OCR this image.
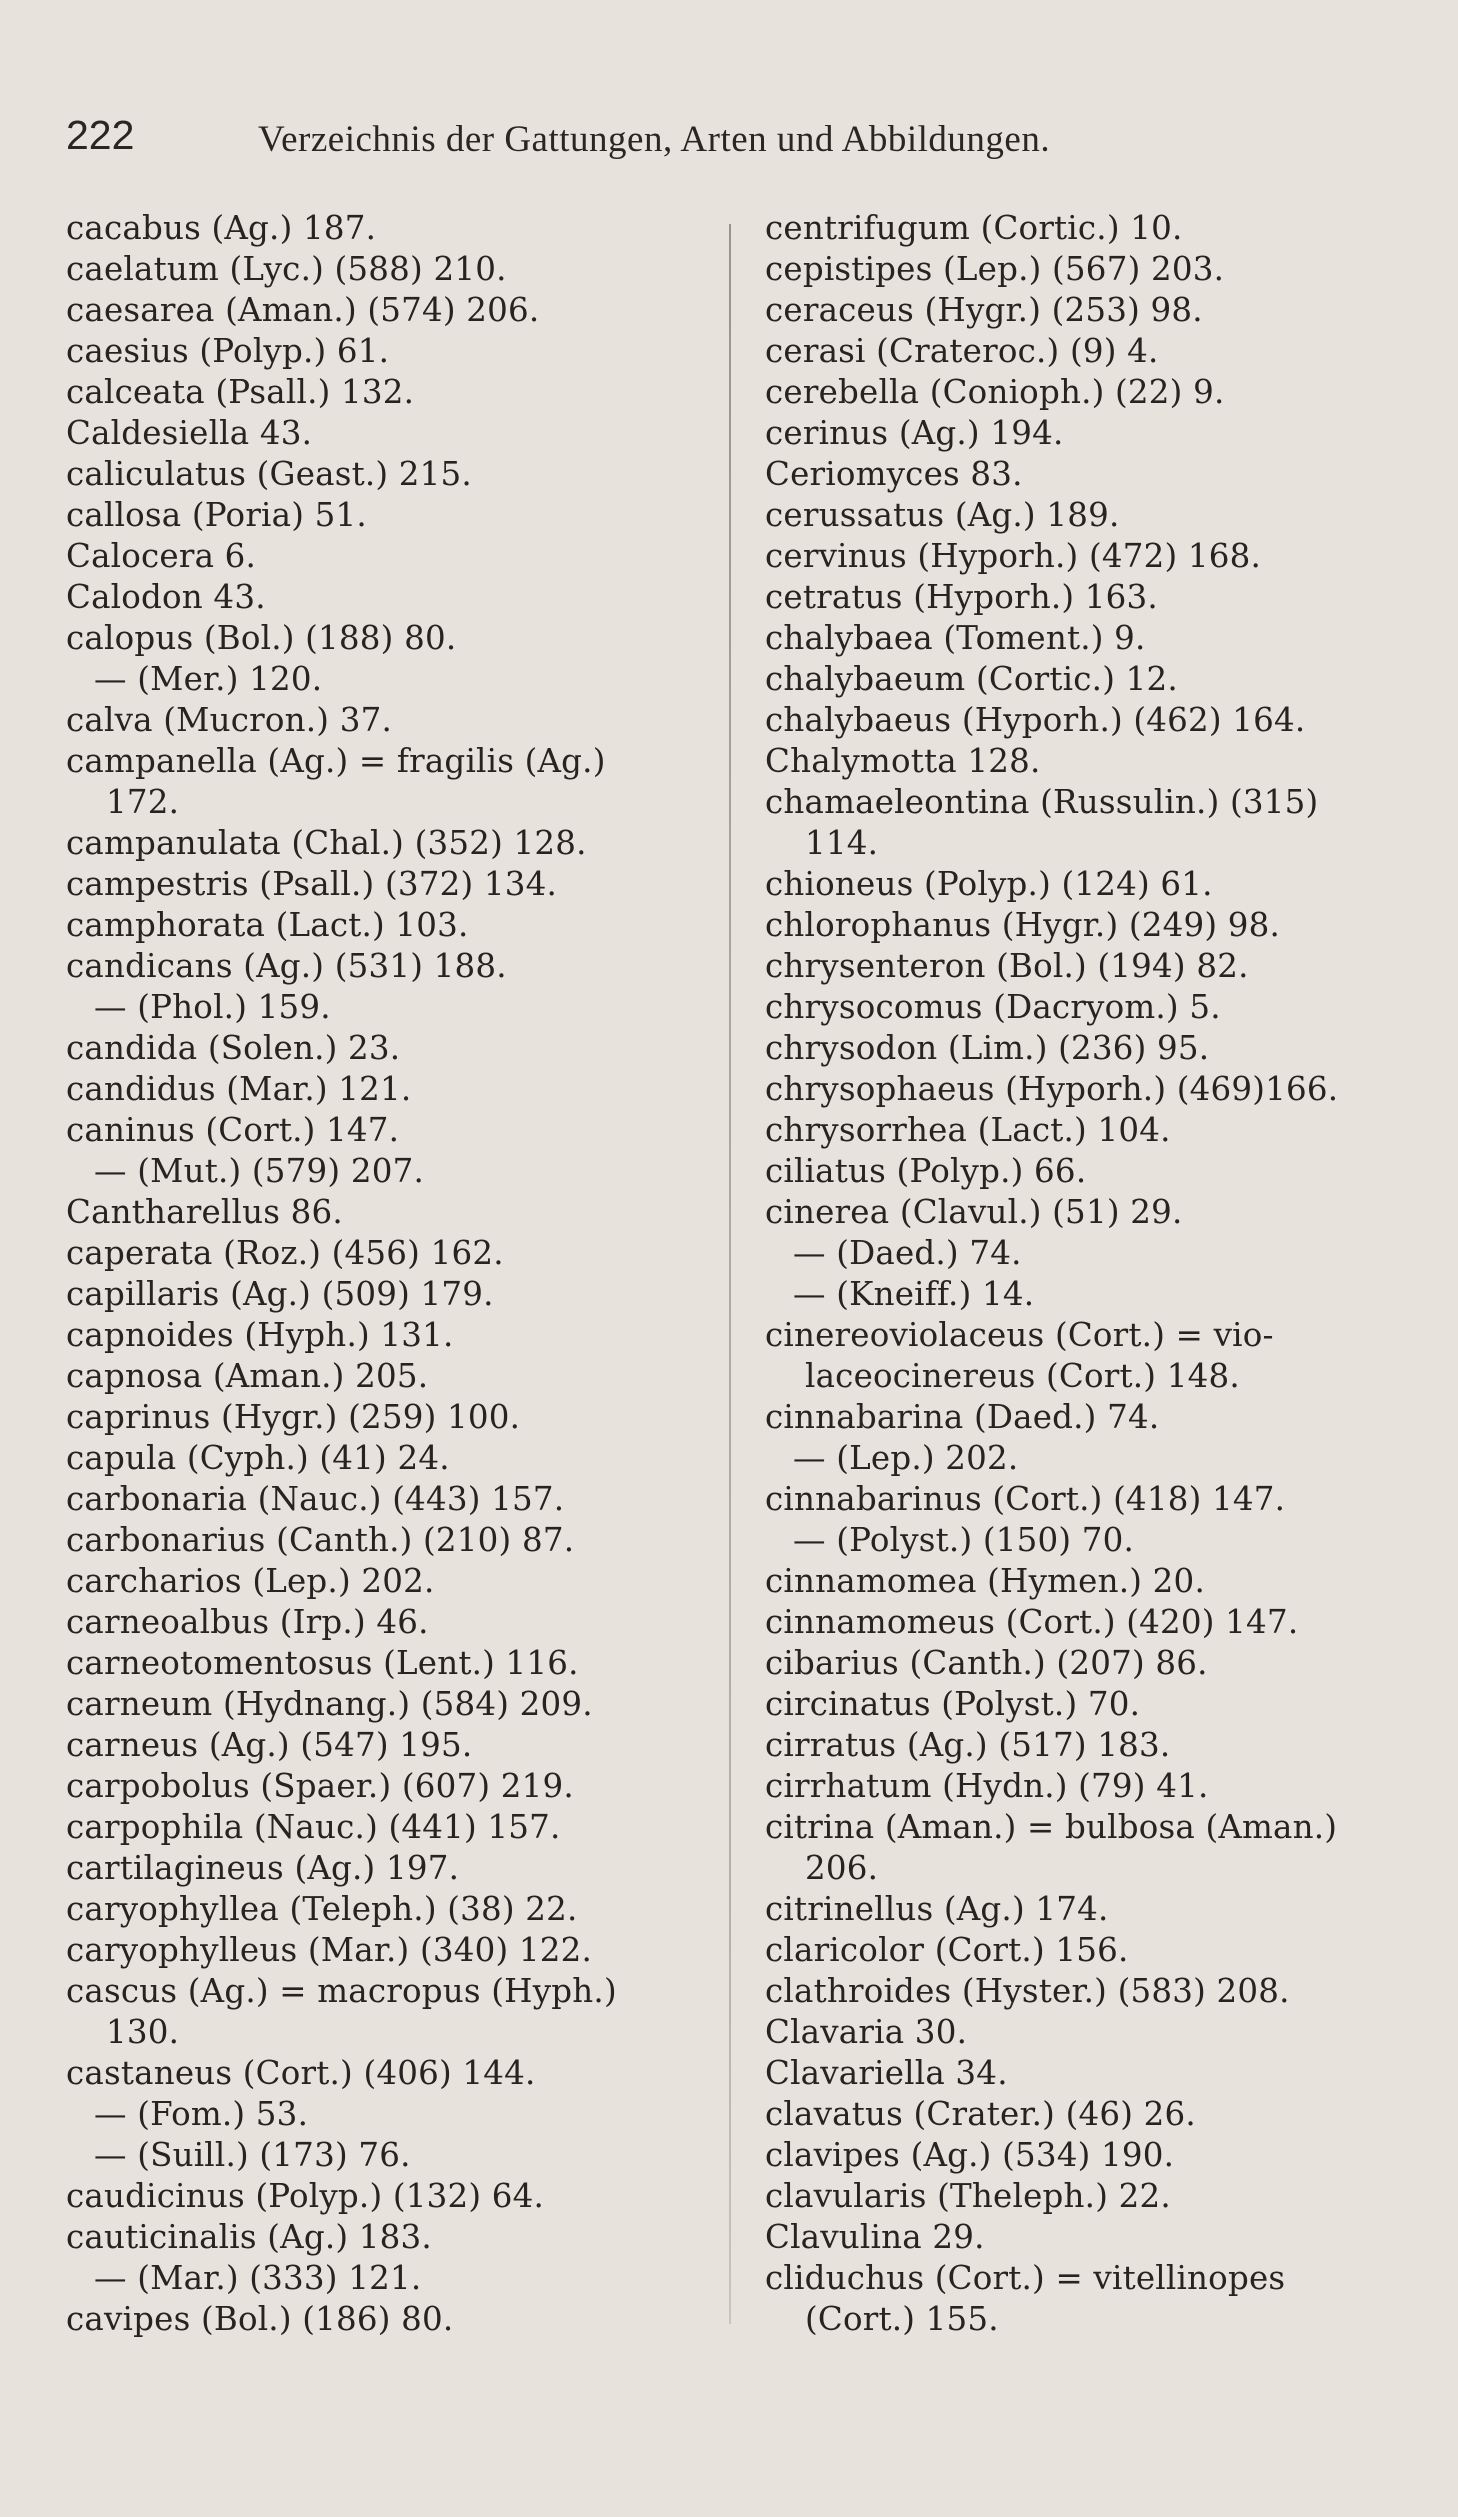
222	Verzeichnis der Gattungen, Arten und Abbildungen.
cacabus (Ag.) 187.
caelatum (Lyc.) (588) 210.
caesarea (Aman.) (574) 206.
caesius (Polyp.) 61.
calceata (Psall.) 132.
Caldesiella 43.
caliculatus (Geast.) 215.
callosa (Poria) 51.
Calocera 6.
Calodon 43.
calopus (Bol.) (188) 80.
— (Mer.) 120.
calva (Mucron.) 37.
campanella (Ag.) = fragilis (Ag.)
172.
campanulata (Chal.) (352) 128.
campestris (Psall.) (372) 134.
camphorata (Lact.) 103.
candicans (Ag.) (531) 188.
— (Phol.) 159.
candida (Solen.) 23.
candidus (Mar.) 121.
caninus (Cort.) 147.
— (Mut.) (579) 207.
Cantharellus 86.
caperata (Roz.) (456) 162.
capillaris (Ag.) (509) 179.
capnoides (Hyph.) 131.
capnosa (Aman.) 205.
caprinus (Hygr.) (259) 100.
capula (Cyph.) (41) 24.
carbonaria (Nauc.) (443) 157.
carbonarius (Canth.) (210) 87.
carcharios (Lep.) 202.
carneoalbus (Irp.) 46.
carneotomentosus (Lent.) 116.
carneum (Hydnang.) (584) 209.
carneus (Ag.) (547) 195.
carpobolus (Spaer.) (607) 219.
carpophila (Nauc.) (441) 157.
cartilagineus (Ag.) 197.
caryophyllea (Teleph.) (38) 22.
caryophylleus (Mar.) (340) 122.
cascus (Ag.) = macropus (Hyph.)
130.
castaneus (Cort.) (406) 144.
— (Fom.) 53.
— (Suill.) (173) 76.
caudicinus (Polyp.) (132) 64.
cauticinalis (Ag.) 183.
— (Mar.) (333) 121.
cavipes (Bol.) (186) 80.
centrifugum (Cortic.) 10.
cepistipes (Lep.) (567) 203.
ceraceus (Hygr.) (253) 98.
cerasi (Crateroc.) (9) 4.
cerebella (Conioph.) (22) 9.
cerinus (Ag.) 194.
Ceriomyces 83.
cerussatus (Ag.) 189.
cervinus (Hyporh.) (472) 168.
cetratus (Hyporh.) 163.
chalybaea (Toment.) 9.
chalybaeum (Cortic.) 12.
chalybaeus (Hyporh.) (462) 164.
Chalymotta 128.
chamaeleontina (Russulin.) (315)
114.
chioneus (Polyp.) (124) 61.
chlorophanus (Hygr.) (249) 98.
chrysenteron (Bol.) (194) 82.
chrysocomus (Dacryom.) 5.
chrysodon (Lim.) (236) 95.
chrysophaeus (Hyporh.) (469)166.
chrysorrhea (Lact.) 104.
ciliatus (Polyp.) 66.
cinerea (Clavul.) (51) 29.
— (Daed.) 74.
— (Kneiff.) 14.
cinereoviolaceus (Cort.) = vio-
laceocinereus (Cort.) 148.
cinnabarina (Daed.) 74.
— (Lep.) 202.
cinnabarinus (Cort.) (418) 147.
— (Polyst.) (150) 70.
cinnamomea (Hymen.) 20.
cinnamomeus (Cort.) (420) 147.
cibarius (Canth.) (207) 86.
circinatus (Polyst.) 70.
cirratus (Ag.) (517) 183.
cirrhatum (Hydn.) (79) 41.
citrina (Aman.) = bulbosa (Aman.)
206.
citrinellus (Ag.) 174.
claricolor (Cort.) 156.
clathroides (Hyster.) (583) 208.
Clavaria 30.
Clavariella 34.
clavatus (Crater.) (46) 26.
clavipes (Ag.) (534) 190.
clavularis (Theleph.) 22.
Clavulina 29.
cliduchus (Cort.) = vitellinopes
(Cort.) 155.
